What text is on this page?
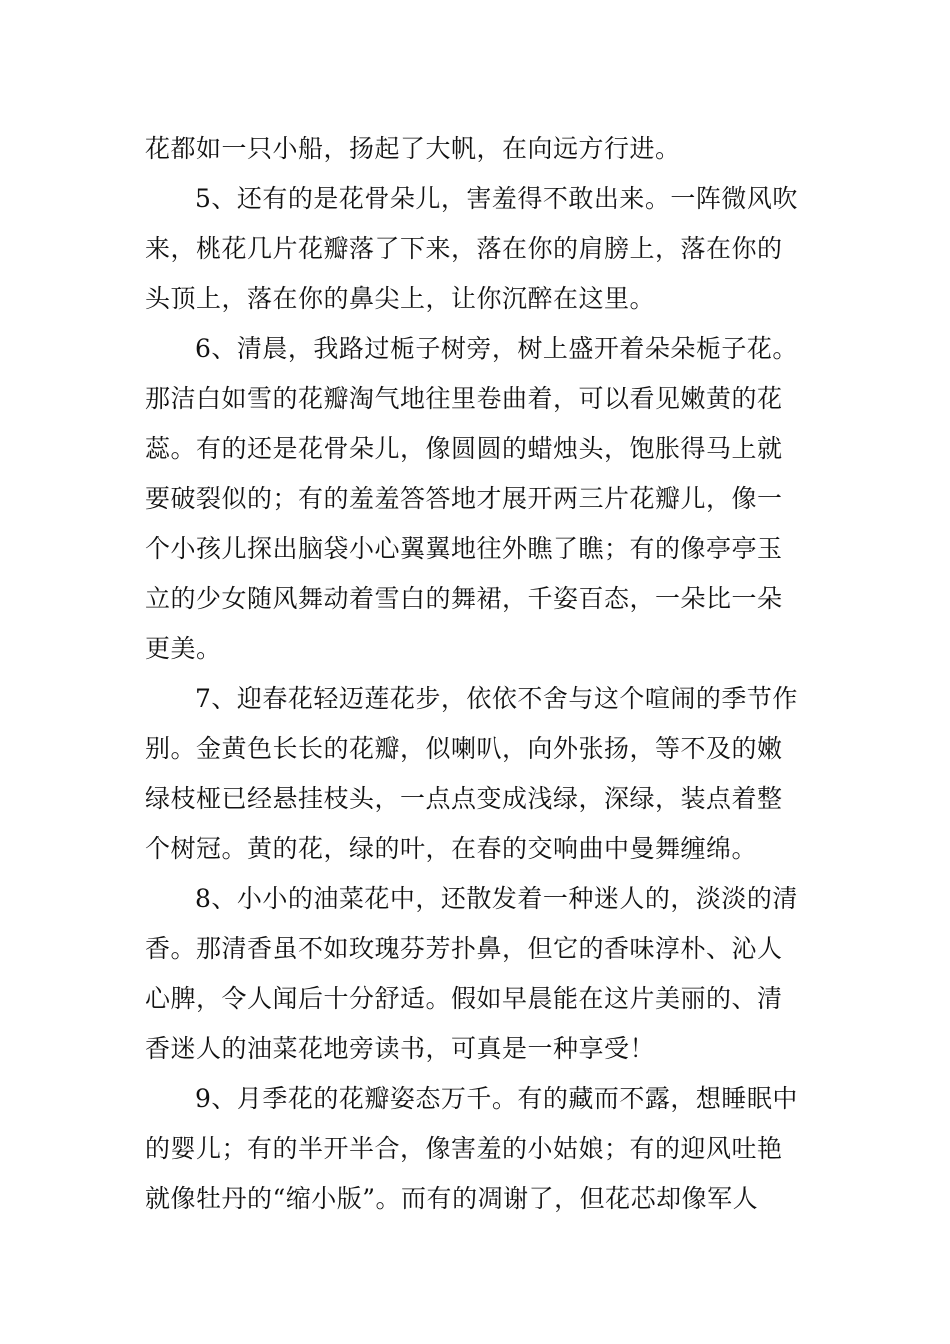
花都如一只小船，扬起了大帆，在向远方行进。
5、还有的是花骨朵儿，害羞得不敢出来。一阵微风吹
来，桃花几片花瓣落了下来，落在你的肩膀上，落在你的
头顶上，落在你的鼻尖上，让你沉醉在这里。
6、清晨，我路过栀子树旁，树上盛开着朵朵栀子花。
那洁白如雪的花瓣淘气地往里卷曲着，可以看见嫩黄的花
蕊。有的还是花骨朵儿，像圆圆的蜡烛头，饱胀得马上就
要破裂似的；有的羞羞答答地才展开两三片花瓣儿，像一
个小孩儿探出脑袋小心翼翼地往外瞧了瞧；有的像亭亭玉
立的少女随风舞动着雪白的舞裙，千姿百态，一朵比一朵
更美。
7、迎春花轻迈莲花步，依依不舍与这个喧闹的季节作
别。金黄色长长的花瓣，似喇叭，向外张扬，等不及的嫩
绿枝桠已经悬挂枝头，一点点变成浅绿，深绿，装点着整
个树冠。黄的花，绿的叶，在春的交响曲中曼舞缠绵。
8、小小的油菜花中，还散发着一种迷人的，淡淡的清
香。那清香虽不如玫瑰芬芳扑鼻，但它的香味淳朴、沁人
心脾，令人闻后十分舒适。假如早晨能在这片美丽的、清
香迷人的油菜花地旁读书，可真是一种享受！
9、月季花的花瓣姿态万千。有的藏而不露，想睡眠中
的婴儿；有的半开半合，像害羞的小姑娘；有的迎风吐艳
就像牡丹的“缩小版”。而有的凋谢了，但花芯却像军人
